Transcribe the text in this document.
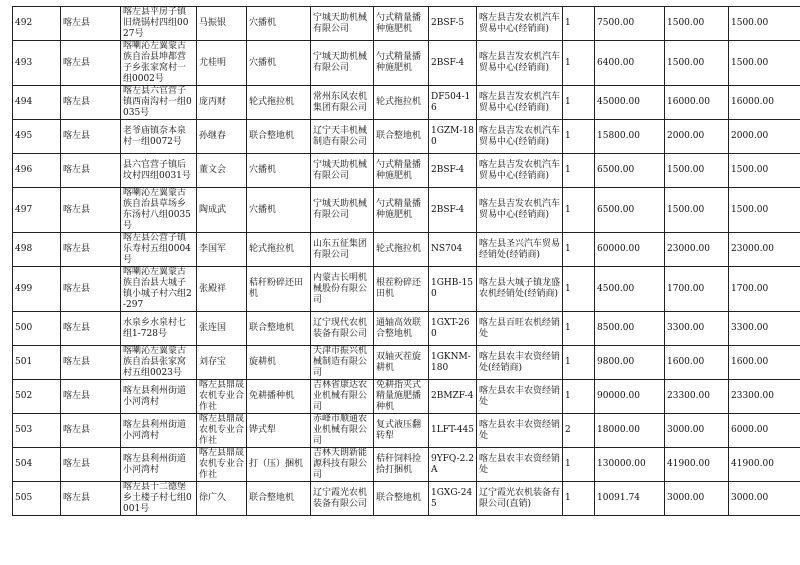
492	喀左县	喀左县平房子镇旧烧锅村四组0027号	马振银	穴播机	宁城天助机械有限公司	勺式精量播种施肥机	2BSF-5	喀左县吉发农机汽车贸易中心(经销商)	1	7500.00	1500.00	1500.00
493	喀左县	喀喇沁左翼蒙古族自治县坤都营子乡张家窝村一组0002号	尤桂明	穴播机	宁城天助机械有限公司	勺式精量播种施肥机	2BSF-4	喀左县吉发农机汽车贸易中心(经销商)	1	6400.00	1500.00	1500.00
494	喀左县	喀左县六官营子镇西南沟村一组0035号	庞丙财	轮式拖拉机	常州东风农机集团有限公司	轮式拖拉机	DF504-16	喀左县吉发农机汽车贸易中心(经销商)	1	45000.00	16000.00	16000.00
495	喀左县	老爷庙镇奈本泉村一组0072号	孙继春	联合整地机	辽宁天丰机械制造有限公司	联合整地机	1GZM-180	喀左县吉发农机汽车贸易中心(经销商)	1	15800.00	2000.00	2000.00
496	喀左县	县六官营子镇后坟村四组0031号	董文会	穴播机	宁城天助机械有限公司	勺式精量播种施肥机	2BSF-4	喀左县吉发农机汽车贸易中心(经销商)	1	6500.00	1500.00	1500.00
497	喀左县	喀喇沁左翼蒙古族自治县草场乡东汤村八组0035号	陶成武	穴播机	宁城天助机械有限公司	勺式精量播种施肥机	2BSF-4	喀左县吉发农机汽车贸易中心(经销商)	1	6500.00	1500.00	1500.00
498	喀左县	喀左县公营子镇乐寿村五组0004号	李国军	轮式拖拉机	山东五征集团有限公司	轮式拖拉机	NS704	喀左县圣兴汽车贸易经销处(经销商)	1	60000.00	23000.00	23000.00
499	喀左县	喀喇沁左翼蒙古族自治县大城子镇小城子村六组2-297	张殿祥	秸秆粉碎还田机	内蒙古长明机械股份有限公司	根茬粉碎还田机	1GHB-150	喀左县大城子镇龙盛农机经销处(经销商)	1	4500.00	1700.00	1700.00
500	喀左县	水泉乡水泉村七组1-728号	张连国	联合整地机	辽宁现代农机装备有限公司	通轴高效联合整地机	1GXT-260	喀左县百旺农机经销处	1	8500.00	3300.00	3300.00
501	喀左县	喀喇沁左翼蒙古族自治县张家窝村五组0023号	刘存宝	旋耕机	天津市振兴机械制造有限公司	双轴灭茬旋耕机	1GKNM-180	喀左县农丰农资经销处(经销商)	1	9800.00	1600.00	1600.00
502	喀左县	喀左县利州街道小河湾村	喀左县鼎晟农机专业合作社	免耕播种机	吉林省康达农业机械有限公司	免耕指夹式精量施肥播种机	2BMZF-4	喀左县农丰农资经销处	1	90000.00	23300.00	23300.00
503	喀左县	喀左县利州街道小河湾村	喀左县鼎晟农机专业合作社	铧式犁	赤峰市顺通农业机械有限公司	复式液压翻转犁	1LFT-445	喀左县农丰农资经销处	2	18000.00	3000.00	6000.00
504	喀左县	喀左县利州街道小河湾村	喀左县鼎晟农机专业合作社	打（压）捆机	吉林天朗新能源科技有限公司	秸秆饲料捡拾打捆机	9YFQ-2.2A	喀左县农丰农资经销处	1	130000.00	41900.00	41900.00
505	喀左县	喀左县十二德堡乡土楼子村七组0001号	徐广久	联合整地机	辽宁霞光农机装备有限公司	联合整地机	1GXG-245	辽宁霞光农机装备有限公司(直销)	1	10091.74	3000.00	3000.00
